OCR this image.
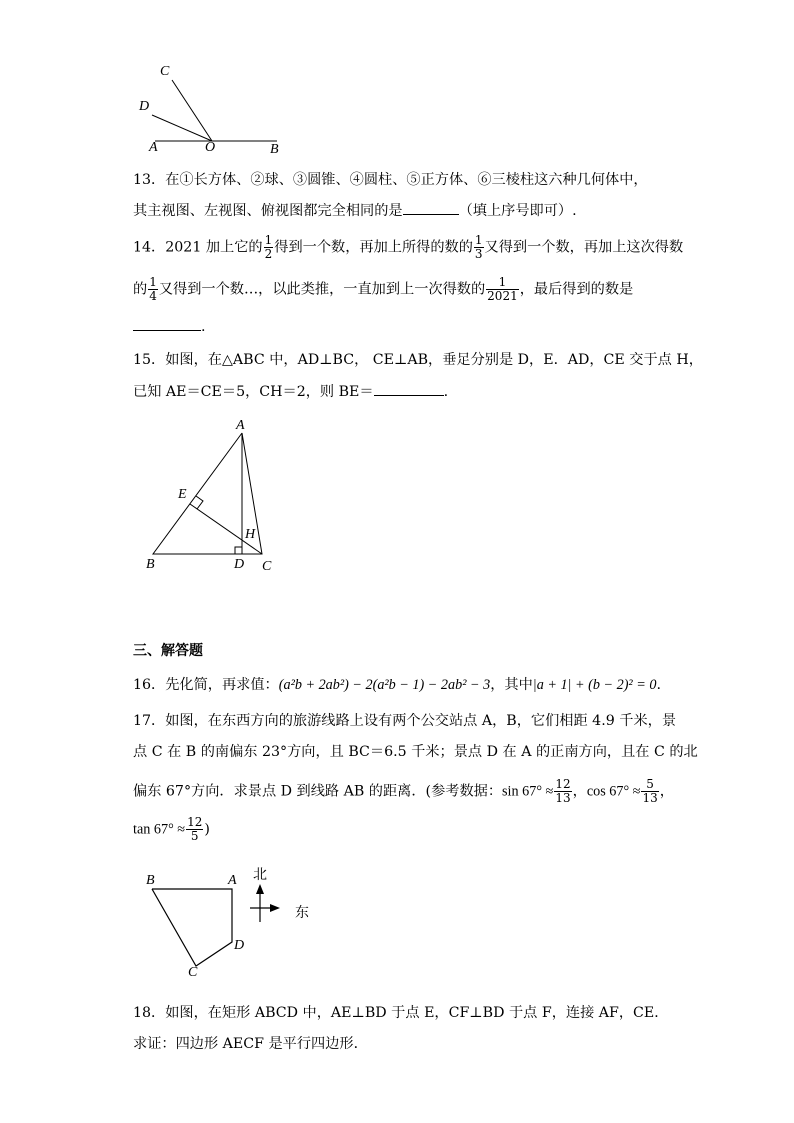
C
D
A	O	B
13．在①长方体、②球、③圆锥、④圆柱、⑤正方体、⑥三棱柱这六种几何体中，
其主视图、左视图、俯视图都完全相同的是	（填上序号即可）.
14．2021 加上它的 $\frac{1}{2}$ 得到一个数，再加上所得的数的 $\frac{1}{3}$ 又得到一个数，再加上这次得数
的 $\frac{1}{4}$ 又得到一个数…，以此类推，一直加到上一次得数的 $\frac{1}{2021}$ ，最后得到的数是
.
15．如图，在△ABC 中，AD⊥BC， CE⊥AB，垂足分别是 D，E．AD，CE 交于点 H，
已知 AE＝CE＝5，CH＝2，则 BE＝	.
A
E
H
B	D C
三、解答题
16．先化简，再求值：(a²b + 2ab²) − 2(a²b − 1) − 2ab² − 3，其中|a + 1| + (b − 2)² = 0.
17．如图，在东西方向的旅游线路上设有两个公交站点 A，B，它们相距 4.9 千米，景
点 C 在 B 的南偏东 23°方向，且 BC＝6.5 千米；景点 D 在 A 的正南方向，且在 C 的北
偏东 67°方向．求景点 D 到线路 AB 的距离．(参考数据：$\sin 67^\circ \approx \frac{12}{13}$ ，$\cos 67^\circ \approx \frac{5}{13}$ ，
$\tan 67^\circ \approx \frac{12}{5}$ )
B	A
D
C
北
东
18．如图，在矩形 ABCD 中，AE⊥BD 于点 E，CF⊥BD 于点 F，连接 AF，CE．
求证：四边形 AECF 是平行四边形．
